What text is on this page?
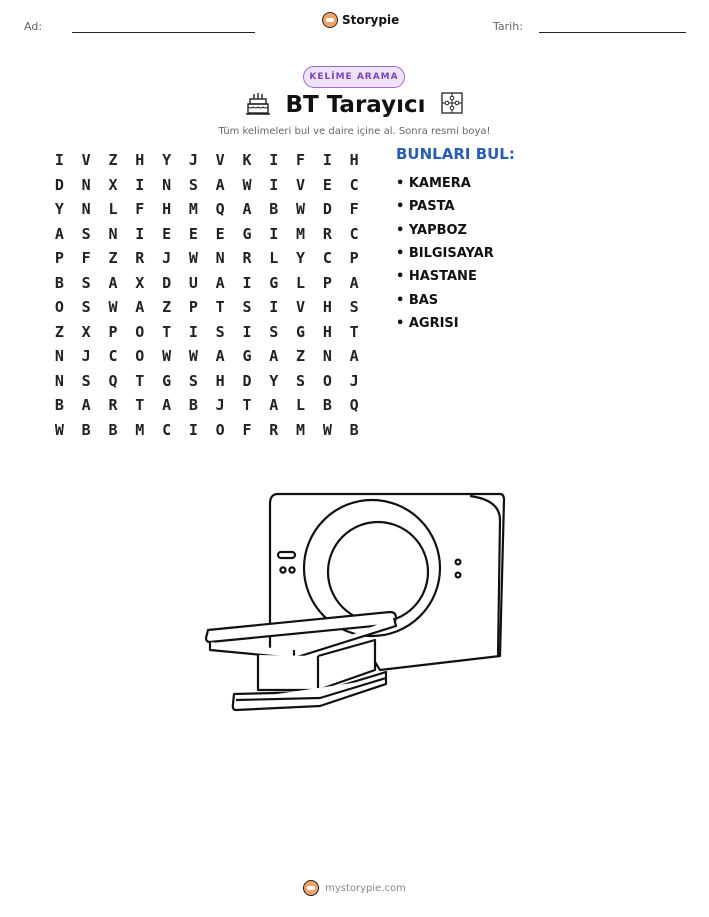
Ad:	Storypie	Tarih:
KELİME ARAMA
BT Tarayıcı
Tüm kelimeleri bul ve daire içine al. Sonra resmi boya!
I	V	Z	H	Y	J	V	K	I	F	I	H
D	N	X	I	N	S	A	W	I	V	E	C
Y	N	L	F	H	M	Q	A	B	W	D	F
A	S	N	I	E	E	E	G	I	M	R	C
P	F	Z	R	J	W	N	R	L	Y	C	P
B	S	A	X	D	U	A	I	G	L	P	A
O	S	W	A	Z	P	T	S	I	V	H	S
Z	X	P	O	T	I	S	I	S	G	H	T
N	J	C	O	W	W	A	G	A	Z	N	A
N	S	Q	T	G	S	H	D	Y	S	O	J
B	A	R	T	A	B	J	T	A	L	B	Q
W	B	B	M	C	I	O	F	R	M	W	B
BUNLARI BUL:
• KAMERA
• PASTA
• YAPBOZ
• BILGISAYAR
• HASTANE
• BAS
• AGRISI
mystorypie.com
